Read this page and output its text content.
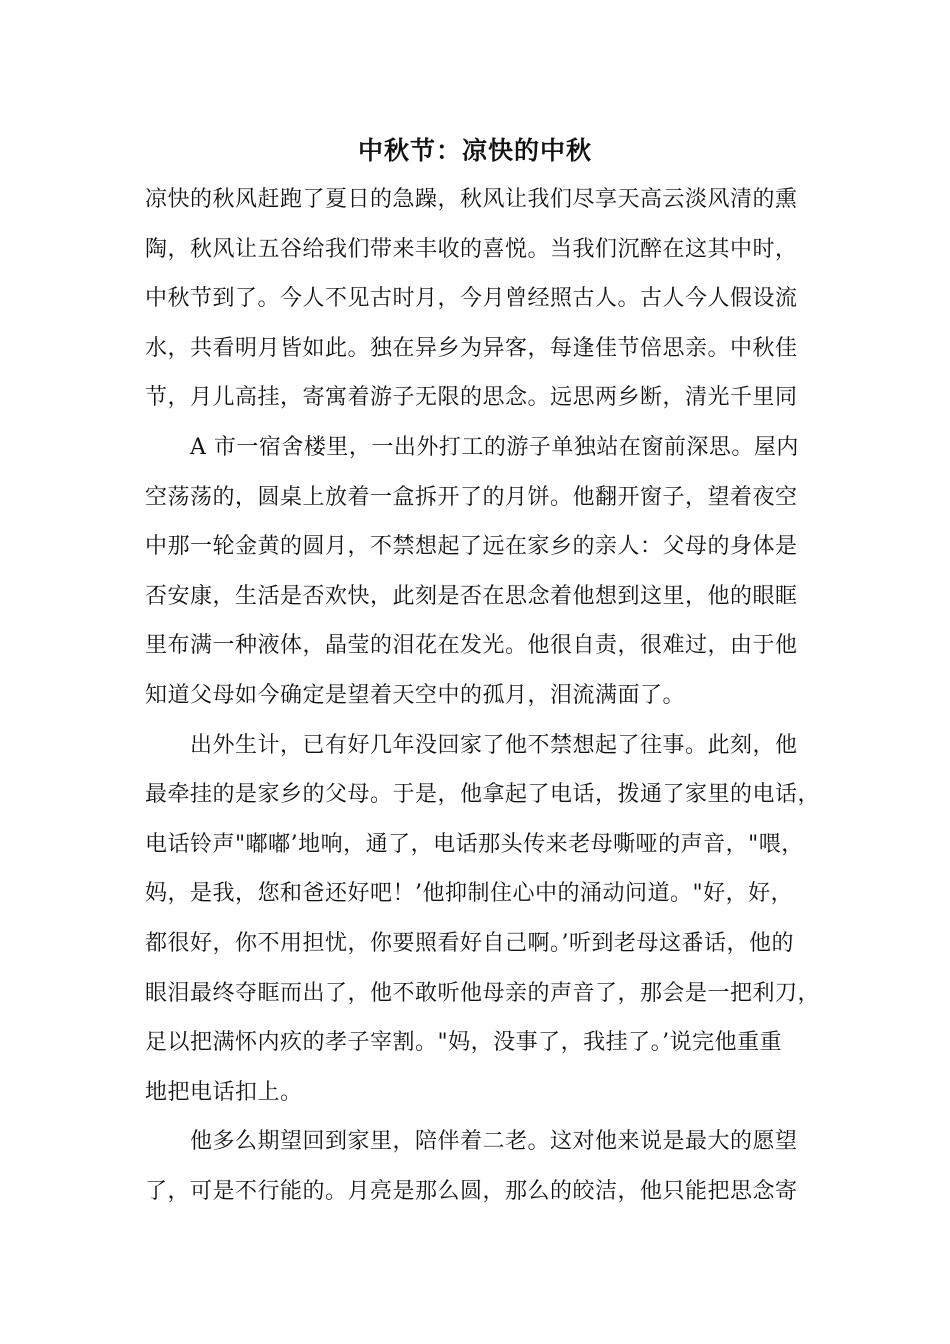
中秋节：凉快的中秋
凉快的秋风赶跑了夏日的急躁，秋风让我们尽享天高云淡风清的熏
陶，秋风让五谷给我们带来丰收的喜悦。当我们沉醉在这其中时，
中秋节到了。今人不见古时月，今月曾经照古人。古人今人假设流
水，共看明月皆如此。独在异乡为异客，每逢佳节倍思亲。中秋佳
节，月儿高挂，寄寓着游子无限的思念。远思两乡断，清光千里同
A 市一宿舍楼里，一出外打工的游子单独站在窗前深思。屋内
空荡荡的，圆桌上放着一盒拆开了的月饼。他翻开窗子，望着夜空
中那一轮金黄的圆月，不禁想起了远在家乡的亲人：父母的身体是
否安康，生活是否欢快，此刻是否在思念着他想到这里，他的眼眶
里布满一种液体，晶莹的泪花在发光。他很自责，很难过，由于他
知道父母如今确定是望着天空中的孤月，泪流满面了。
出外生计，已有好几年没回家了他不禁想起了往事。此刻，他
最牵挂的是家乡的父母。于是，他拿起了电话，拨通了家里的电话，
电话铃声"嘟嘟’地响，通了，电话那头传来老母嘶哑的声音，"喂，
妈，是我，您和爸还好吧！’他抑制住心中的涌动问道。"好，好，
都很好，你不用担忧，你要照看好自己啊。’听到老母这番话，他的
眼泪最终夺眶而出了，他不敢听他母亲的声音了，那会是一把利刀，
足以把满怀内疚的孝子宰割。"妈，没事了，我挂了。’说完他重重
地把电话扣上。
他多么期望回到家里，陪伴着二老。这对他来说是最大的愿望
了，可是不行能的。月亮是那么圆，那么的皎洁，他只能把思念寄
